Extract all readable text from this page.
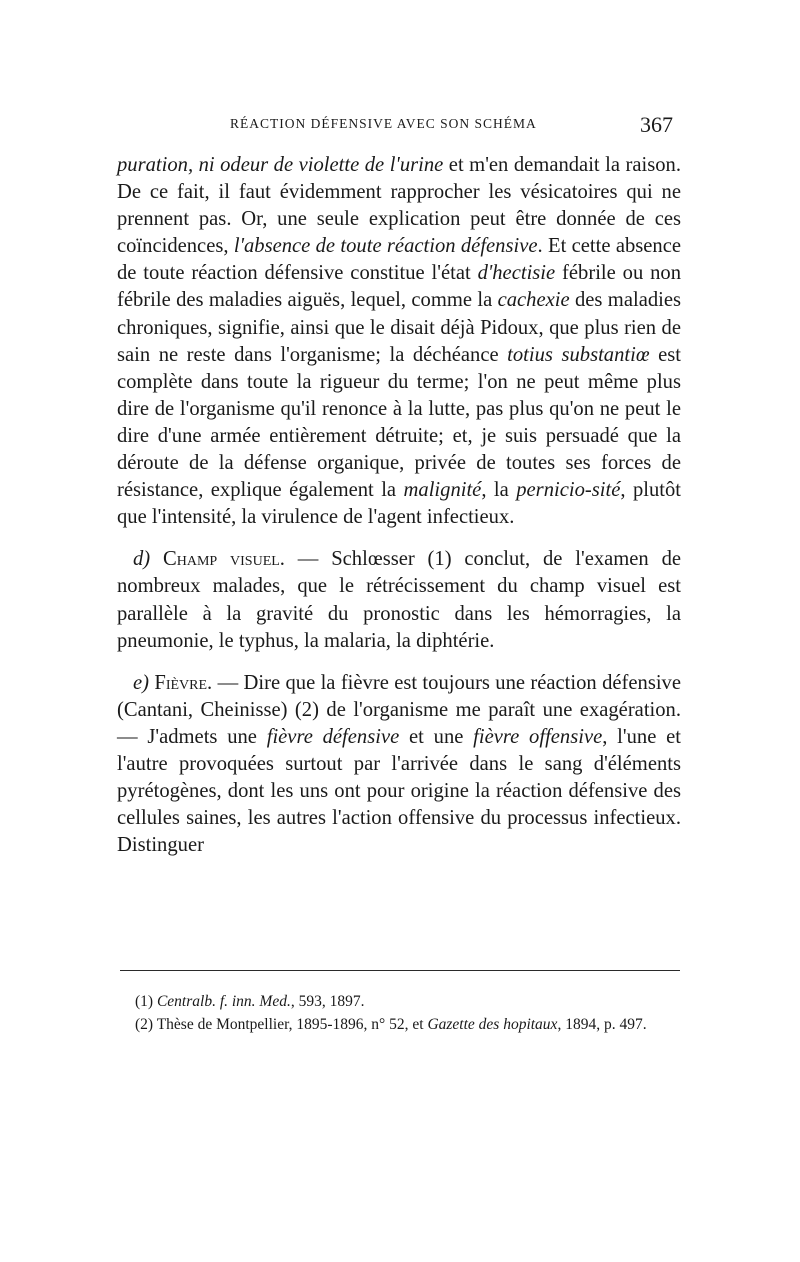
RÉACTION DÉFENSIVE AVEC SON SCHÉMA	367

puration, ni odeur de violette de l'urine et m'en demandait la raison. De ce fait, il faut évidemment rapprocher les vésicatoires qui ne prennent pas. Or, une seule explication peut être donnée de ces coïncidences, l'absence de toute réaction défensive. Et cette absence de toute réaction défensive constitue l'état d'hectisie fébrile ou non fébrile des maladies aiguës, lequel, comme la cachexie des maladies chroniques, signifie, ainsi que le disait déjà Pidoux, que plus rien de sain ne reste dans l'organisme; la déchéance totius substantiœ est complète dans toute la rigueur du terme; l'on ne peut même plus dire de l'organisme qu'il renonce à la lutte, pas plus qu'on ne peut le dire d'une armée entièrement détruite; et, je suis persuadé que la déroute de la défense organique, privée de toutes ses forces de résistance, explique également la malignité, la pernicio-sité, plutôt que l'intensité, la virulence de l'agent infectieux.

d) Champ visuel. — Schlœsser (1) conclut, de l'examen de nombreux malades, que le rétrécissement du champ visuel est parallèle à la gravité du pronostic dans les hémorragies, la pneumonie, le typhus, la malaria, la diphtérie.

e) Fièvre. — Dire que la fièvre est toujours une réaction défensive (Cantani, Cheinisse) (2) de l'organisme me paraît une exagération. — J'admets une fièvre défensive et une fièvre offensive, l'une et l'autre provoquées surtout par l'arrivée dans le sang d'éléments pyrétogènes, dont les uns ont pour origine la réaction défensive des cellules saines, les autres l'action offensive du processus infectieux. Distinguer

(1) Centralb. f. inn. Med., 593, 1897.

(2) Thèse de Montpellier, 1895-1896, n° 52, et Gazette des hopitaux, 1894, p. 497.
